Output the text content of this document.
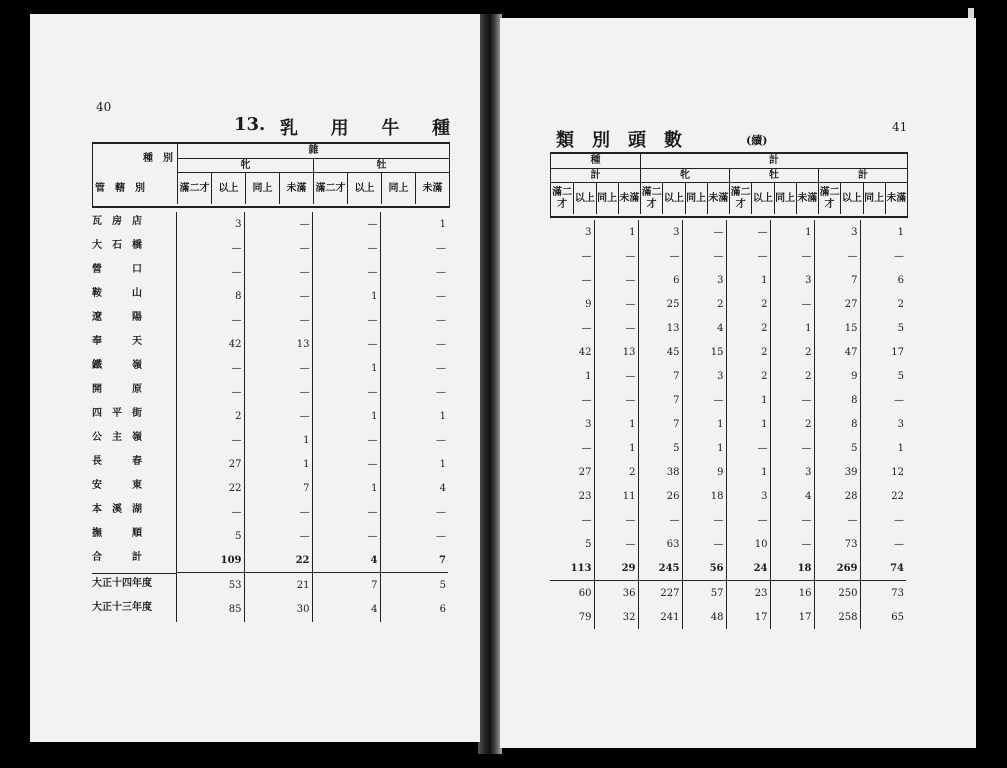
40
13. 乳 用 牛 種
種　別
管　轄　別
雜
牝	牡
滿二才 以上	同上	未滿 滿二才 以上	同上	未滿
瓦　房　店	3	—	—	1

大　石　橋	—	—	—	—

營　　　口	—	—	—	—

鞍　　　山	8	—	1	—

遼　　　陽	—	—	—	—

奉　　　天	42	13	—	—

鐵　　　嶺	—	—	1	—

開　　　原	—	—	—	—

四　平　街	2	—	1	1

公　主　嶺	—	1	—	—

長　　　春	27	1	—	1

安　　　東	22	7	1	4

本　溪　湖	—	—	—	—

撫　　　順	5	—	—	—

合　　　計	109	22	4	7

大正十四年度	53	21	7	5

大正十三年度	85	30	4	6
類　別　頭　數	(續)
41
種	計
計	牝	牡	計
滿二才
以上 同上 未滿
滿二才
以上 同上 未滿
滿二才
以上 同上 未滿
滿二才
以上 同上 未滿
3	1	3	—	—	1	3	1
—	—	—	—	—	—	—	—
—	—	6	3	1	3	7	6
9	—	25	2	2	—	27	2
—	—	13	4	2	1	15	5
42	13	45	15	2	2	47	17
1	—	7	3	2	2	9	5
—	—	7	—	1	—	8	—
3	1	7	1	1	2	8	3
—	1	5	1	—	—	5	1
27	2	38	9	1	3	39	12
23	11	26	18	3	4	28	22
—	—	—	—	—	—	—	—
5	—	63	—	10	—	73	—
113	29	245	56	24	18	269	74
60	36	227	57	23	16	250	73
79	32	241	48	17	17	258	65
